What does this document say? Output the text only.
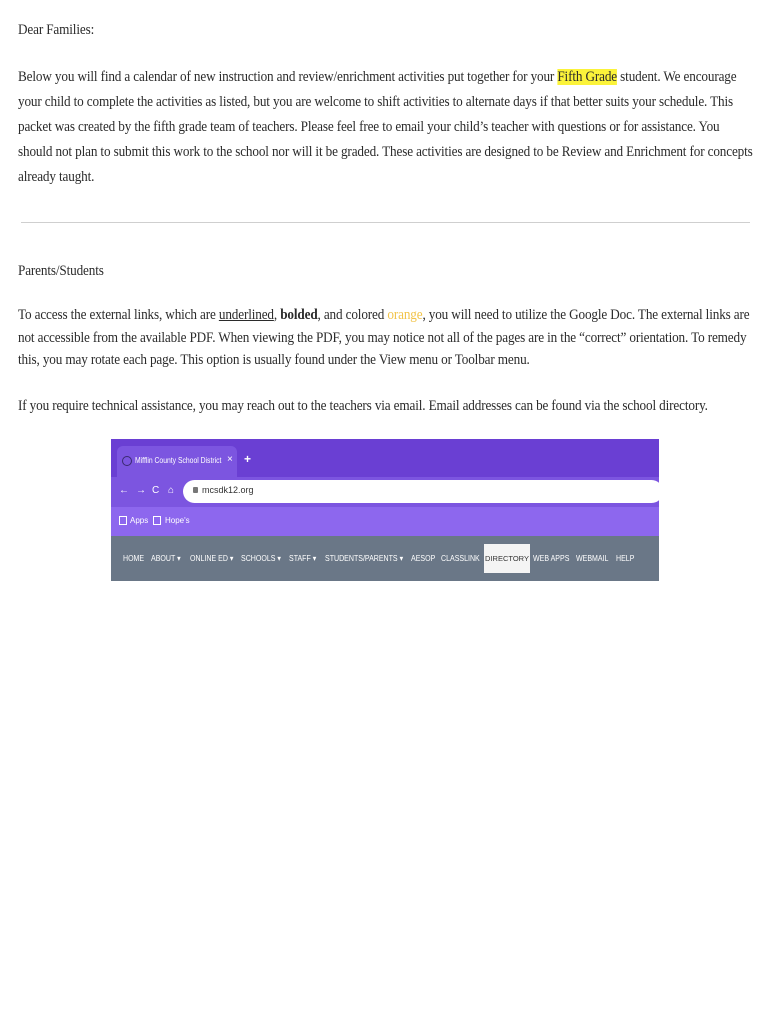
Dear Families:
Below you will find a calendar of new instruction and review/enrichment activities put together for your Fifth Grade student. We encourage your child to complete the activities as listed, but you are welcome to shift activities to alternate days if that better suits your schedule. This packet was created by the fifth grade team of teachers. Please feel free to email your child’s teacher with questions or for assistance. You should not plan to submit this work to the school nor will it be graded. These activities are designed to be Review and Enrichment for concepts already taught.
Parents/Students
To access the external links, which are underlined, bolded, and colored orange, you will need to utilize the Google Doc. The external links are not accessible from the available PDF. When viewing the PDF, you may notice not all of the pages are in the “correct” orientation. To remedy this, you may rotate each page. This option is usually found under the View menu or Toolbar menu.
If you require technical assistance, you may reach out to the teachers via email. Email addresses can be found via the school directory.
Mifflin County School District × +
← → C ⌂	mcsdk12.org
Apps Hope's
HOME ABOUT ▾ ONLINE ED ▾ SCHOOLS ▾ STAFF ▾ STUDENTS/PARENTS ▾ AESOP CLASSLINK DIRECTORY WEB APPS WEBMAIL HELP
